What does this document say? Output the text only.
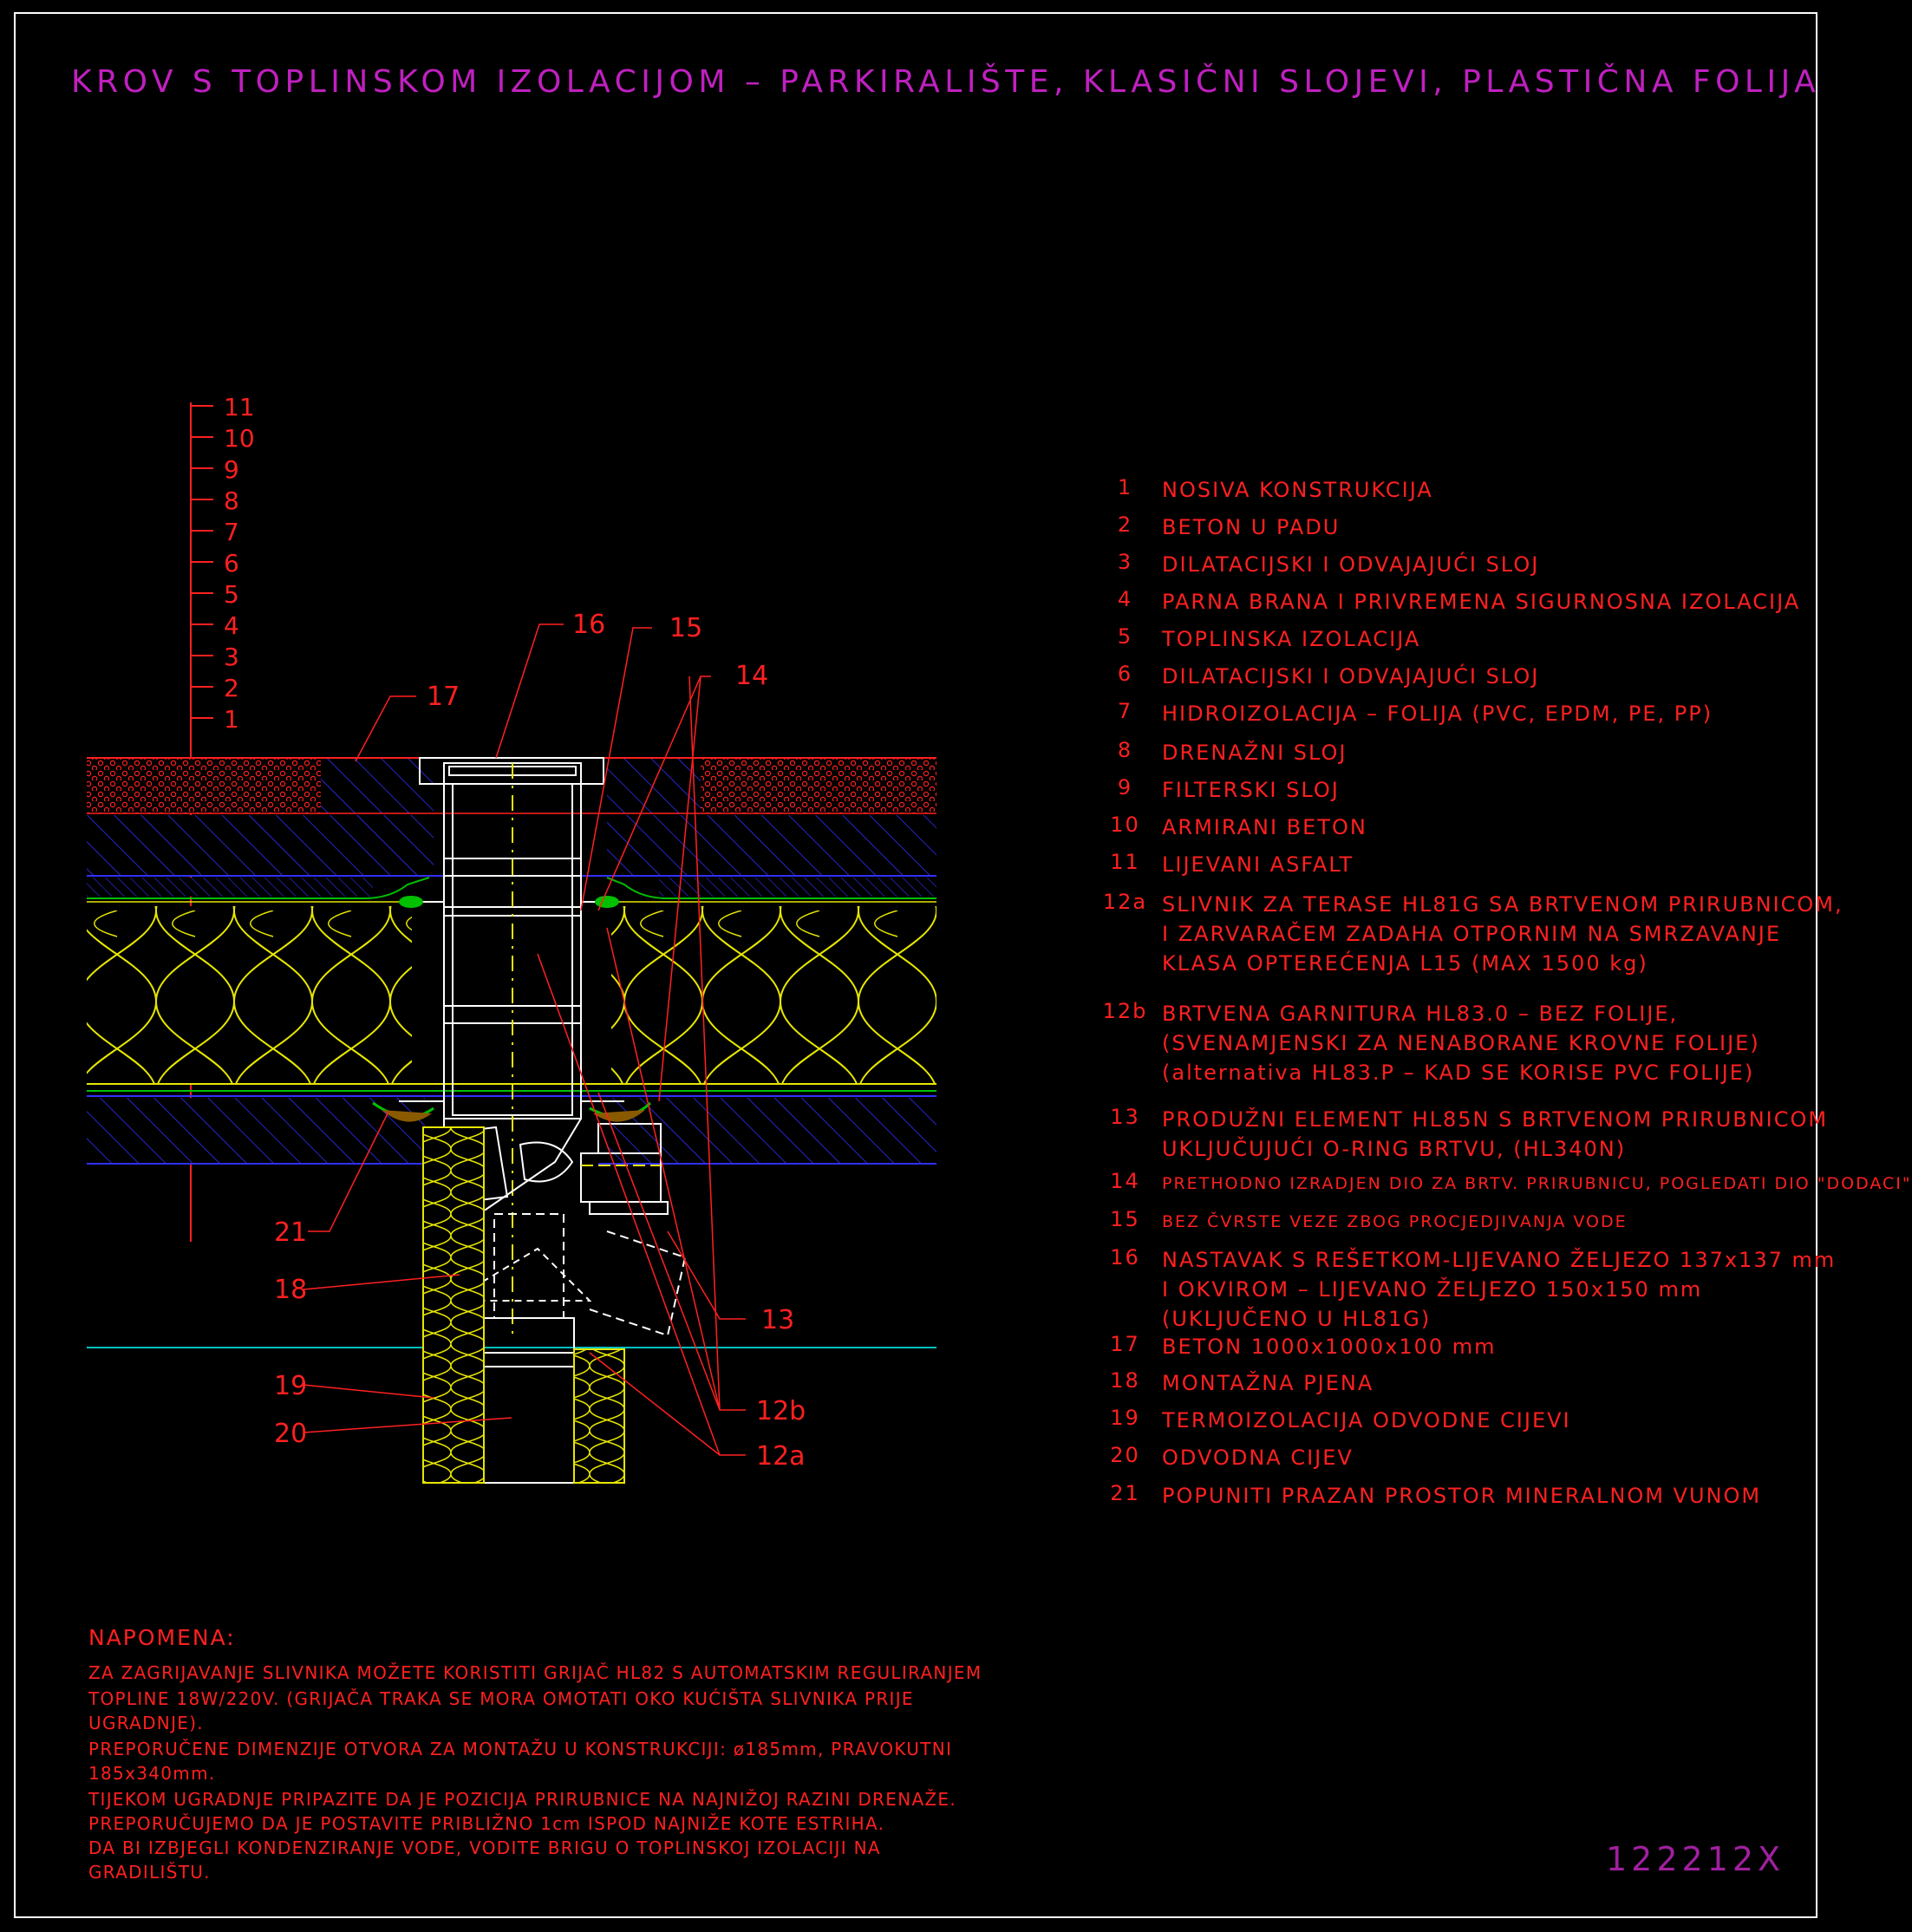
KROV S TOPLINSKOM IZOLACIJOM – PARKIRALIŠTE, KLASIČNI SLOJEVI, PLASTIČNA FOLIJA
11
10
9
8
7
6
5
4
3
2
1
16 15
14
17
21
18
19
20
13
12b
12a
1	NOSIVA KONSTRUKCIJA
2	BETON U PADU
3	DILATACIJSKI I ODVAJAJUĆI SLOJ
4	PARNA BRANA I PRIVREMENA SIGURNOSNA IZOLACIJA
5	TOPLINSKA IZOLACIJA
6	DILATACIJSKI I ODVAJAJUĆI SLOJ
7	HIDROIZOLACIJA – FOLIJA (PVC, EPDM, PE, PP)
8	DRENAŽNI SLOJ
9	FILTERSKI SLOJ
10	ARMIRANI BETON
11	LIJEVANI ASFALT
12a SLIVNIK ZA TERASE HL81G SA BRTVENOM PRIRUBNICOM,
I ZARVARAČEM ZADAHA OTPORNIM NA SMRZAVANJE
KLASA OPTEREĆENJA L15 (MAX 1500 kg)
12b BRTVENA GARNITURA HL83.0 – BEZ FOLIJE,
(SVENAMJENSKI ZA NENABORANE KROVNE FOLIJE)
(alternativa HL83.P – KAD SE KORISE PVC FOLIJE)
13	PRODUŽNI ELEMENT HL85N S BRTVENOM PRIRUBNICOM
UKLJUČUJUĆI O-RING BRTVU, (HL340N)
14	PRETHODNO IZRADJEN DIO ZA BRTV. PRIRUBNICU, POGLEDATI DIO "DODACI"
15	BEZ ČVRSTE VEZE ZBOG PROCJEDJIVANJA VODE
16	NASTAVAK S REŠETKOM-LIJEVANO ŽELJEZO 137x137 mm
I OKVIROM – LIJEVANO ŽELJEZO 150x150 mm
(UKLJUČENO U HL81G)
17	BETON 1000x1000x100 mm
18	MONTAŽNA PJENA
19	TERMOIZOLACIJA ODVODNE CIJEVI
20	ODVODNA CIJEV
21	POPUNITI PRAZAN PROSTOR MINERALNOM VUNOM
NAPOMENA:
ZA ZAGRIJAVANJE SLIVNIKA MOŽETE KORISTITI GRIJAČ HL82 S AUTOMATSKIM REGULIRANJEM
TOPLINE 18W/220V. (GRIJAČA TRAKA SE MORA OMOTATI OKO KUĆIŠTA SLIVNIKA PRIJE
UGRADNJE).
PREPORUČENE DIMENZIJE OTVORA ZA MONTAŽU U KONSTRUKCIJI: ø185mm, PRAVOKUTNI
185x340mm.
TIJEKOM UGRADNJE PRIPAZITE DA JE POZICIJA PRIRUBNICE NA NAJNIŽOJ RAZINI DRENAŽE.
PREPORUČUJEMO DA JE POSTAVITE PRIBLIŽNO 1cm ISPOD NAJNIŽE KOTE ESTRIHA.
DA BI IZBJEGLI KONDENZIRANJE VODE, VODITE BRIGU O TOPLINSKOJ IZOLACIJI NA
GRADILIŠTU.	122212X
